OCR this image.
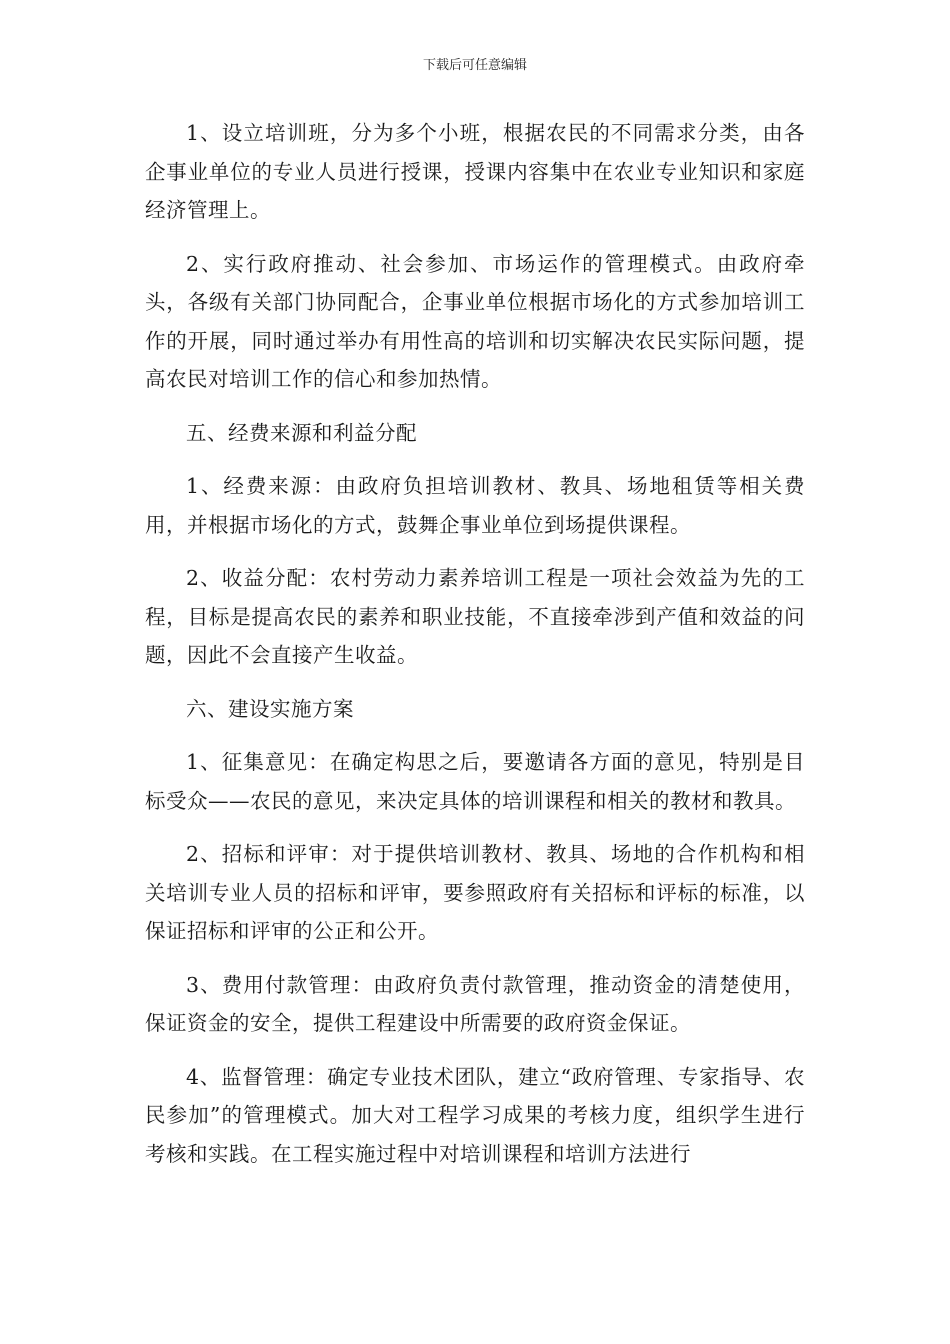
下载后可任意编辑

1、设立培训班，分为多个小班，根据农民的不同需求分类，由各企事业单位的专业人员进行授课，授课内容集中在农业专业知识和家庭经济管理上。

2、实行政府推动、社会参加、市场运作的管理模式。由政府牵头，各级有关部门协同配合，企事业单位根据市场化的方式参加培训工作的开展，同时通过举办有用性高的培训和切实解决农民实际问题，提高农民对培训工作的信心和参加热情。

五、经费来源和利益分配

1、经费来源：由政府负担培训教材、教具、场地租赁等相关费用，并根据市场化的方式，鼓舞企事业单位到场提供课程。

2、收益分配：农村劳动力素养培训工程是一项社会效益为先的工程，目标是提高农民的素养和职业技能，不直接牵涉到产值和效益的问题，因此不会直接产生收益。

六、建设实施方案

1、征集意见：在确定构思之后，要邀请各方面的意见，特别是目标受众——农民的意见，来决定具体的培训课程和相关的教材和教具。

2、招标和评审：对于提供培训教材、教具、场地的合作机构和相关培训专业人员的招标和评审，要参照政府有关招标和评标的标准，以保证招标和评审的公正和公开。

3、费用付款管理：由政府负责付款管理，推动资金的清楚使用，保证资金的安全，提供工程建设中所需要的政府资金保证。

4、监督管理：确定专业技术团队，建立“政府管理、专家指导、农民参加”的管理模式。加大对工程学习成果的考核力度，组织学生进行考核和实践。在工程实施过程中对培训课程和培训方法进行
